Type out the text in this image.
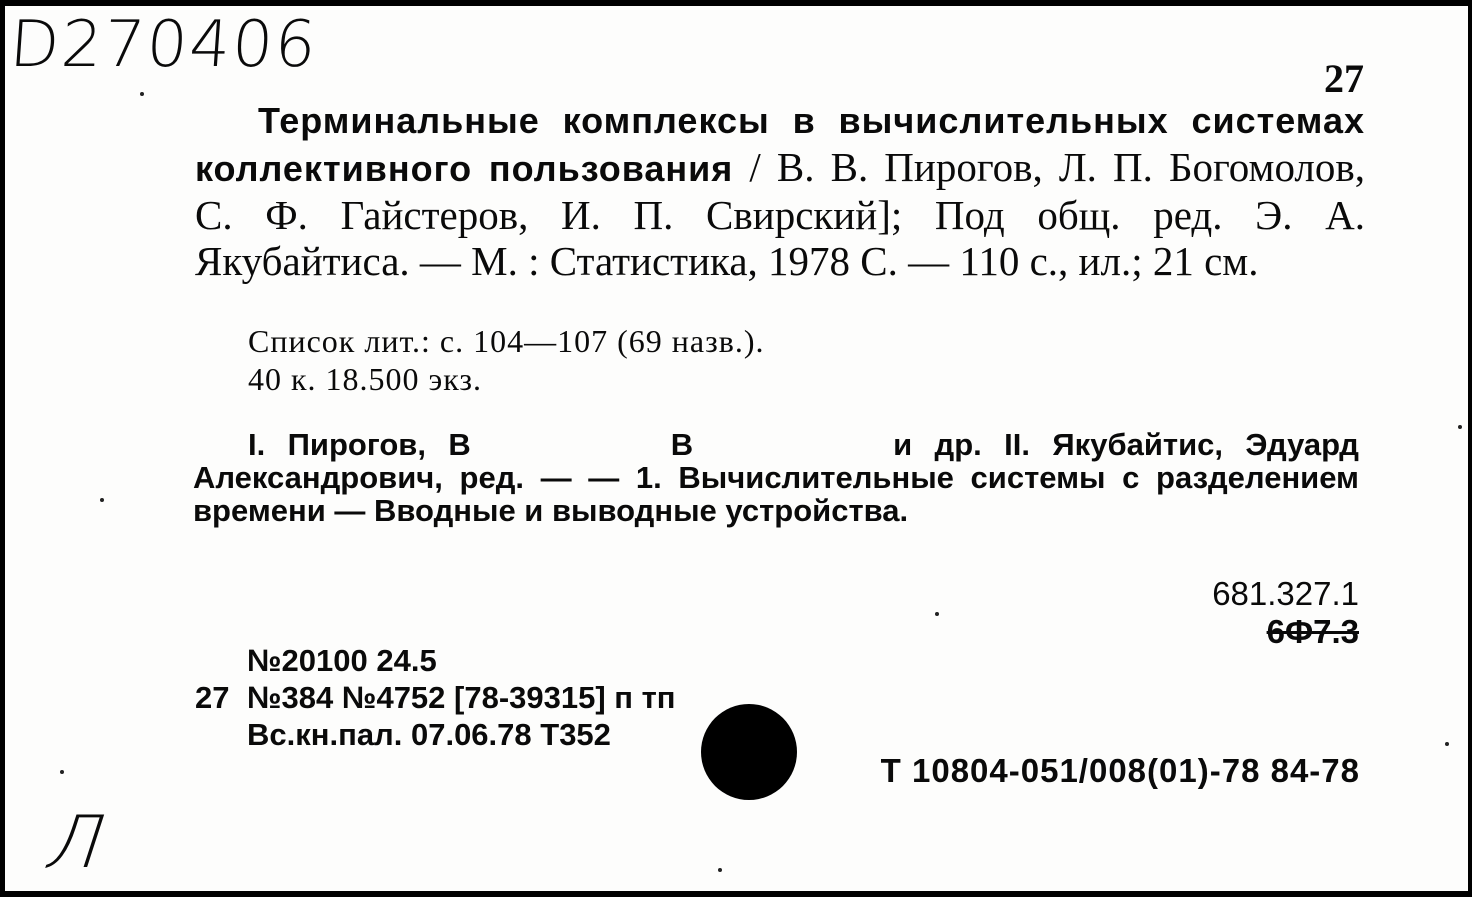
D270406	27
Терминальные комплексы в вычислительных системах коллективного пользования / В. В. Пирогов, Л. П. Богомолов, С. Ф. Гайстеров, И. П. Свирский]; Под общ. ред. Э. А. Якубайтиса. — М. : Статистика, 1978 С. — 110 с., ил.; 21 см.
Список лит.: с. 104—107 (69 назв.).
40 к. 18.500 экз.
I. Пирогов, В	В	и др. II. Якубайтис, Эдуард Александрович, ред. — — 1. Вычислительные системы с разделением времени — Вводные и выводные устройства.
681.327.1
6Ф7.3
№20100 24.5
27 №384 №4752 [78-39315] п тп
Вс.кн.пал. 07.06.78 Т352
Т 10804-051/008(01)-78 84-78
Л
